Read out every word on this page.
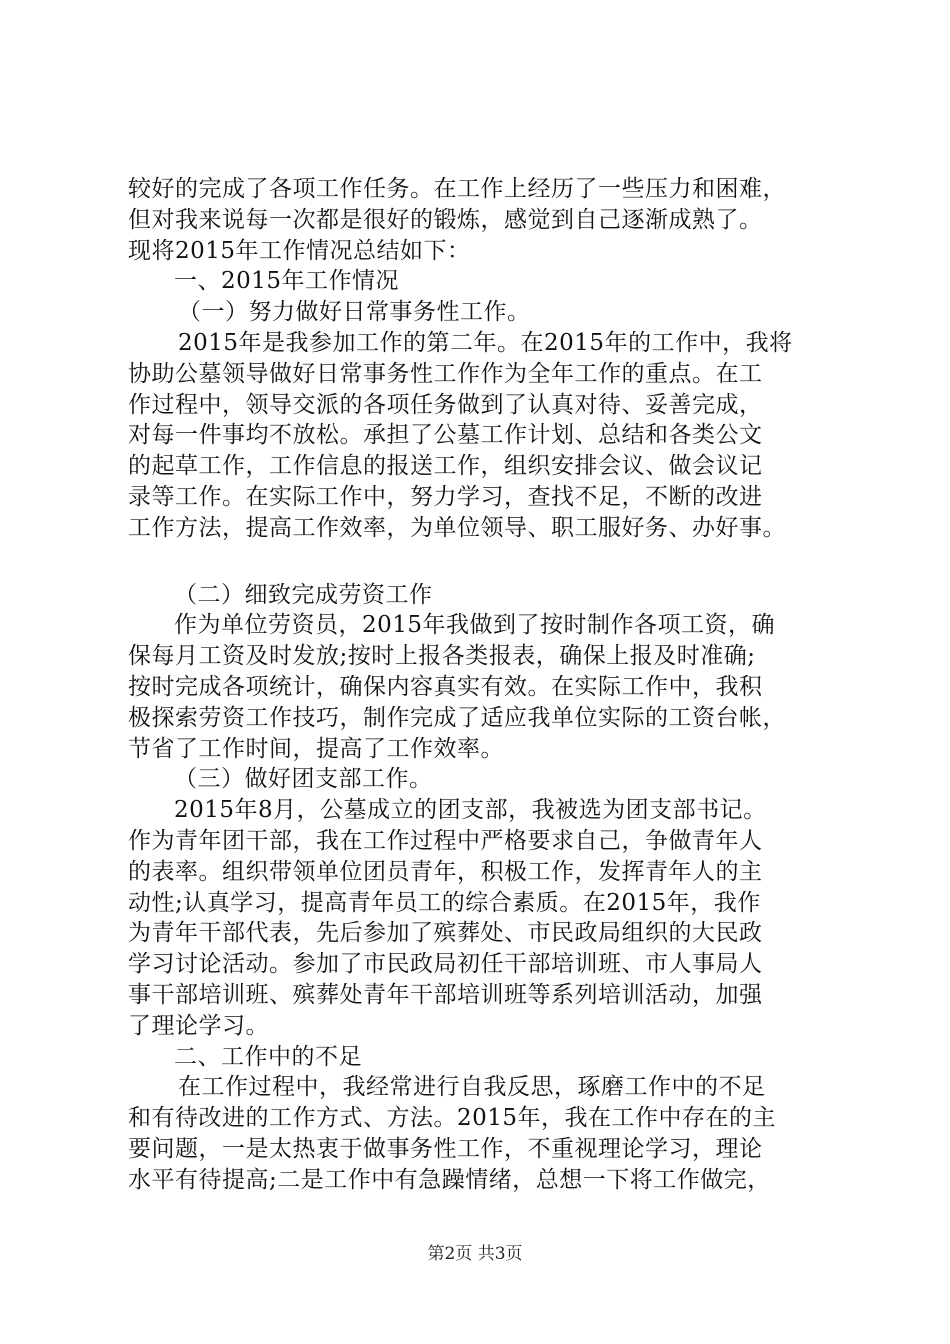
较好的完成了各项工作任务。在工作上经历了一些压力和困难，
但对我来说每一次都是很好的锻炼，感觉到自己逐渐成熟了。
现将2015年工作情况总结如下：
一、2015年工作情况
（一）努力做好日常事务性工作。
2015年是我参加工作的第二年。在2015年的工作中，我将
协助公墓领导做好日常事务性工作作为全年工作的重点。在工
作过程中，领导交派的各项任务做到了认真对待、妥善完成，
对每一件事均不放松。承担了公墓工作计划、总结和各类公文
的起草工作，工作信息的报送工作，组织安排会议、做会议记
录等工作。在实际工作中，努力学习，查找不足，不断的改进
工作方法，提高工作效率，为单位领导、职工服好务、办好事。
（二）细致完成劳资工作
作为单位劳资员，2015年我做到了按时制作各项工资，确
保每月工资及时发放;按时上报各类报表，确保上报及时准确;
按时完成各项统计，确保内容真实有效。在实际工作中，我积
极探索劳资工作技巧，制作完成了适应我单位实际的工资台帐，
节省了工作时间，提高了工作效率。
（三）做好团支部工作。
2015年8月，公墓成立的团支部，我被选为团支部书记。
作为青年团干部，我在工作过程中严格要求自己，争做青年人
的表率。组织带领单位团员青年，积极工作，发挥青年人的主
动性;认真学习，提高青年员工的综合素质。在2015年，我作
为青年干部代表，先后参加了殡葬处、市民政局组织的大民政
学习讨论活动。参加了市民政局初任干部培训班、市人事局人
事干部培训班、殡葬处青年干部培训班等系列培训活动，加强
了理论学习。
二、工作中的不足
在工作过程中，我经常进行自我反思，琢磨工作中的不足
和有待改进的工作方式、方法。2015年，我在工作中存在的主
要问题，一是太热衷于做事务性工作，不重视理论学习，理论
水平有待提高;二是工作中有急躁情绪，总想一下将工作做完，
第2页 共3页
